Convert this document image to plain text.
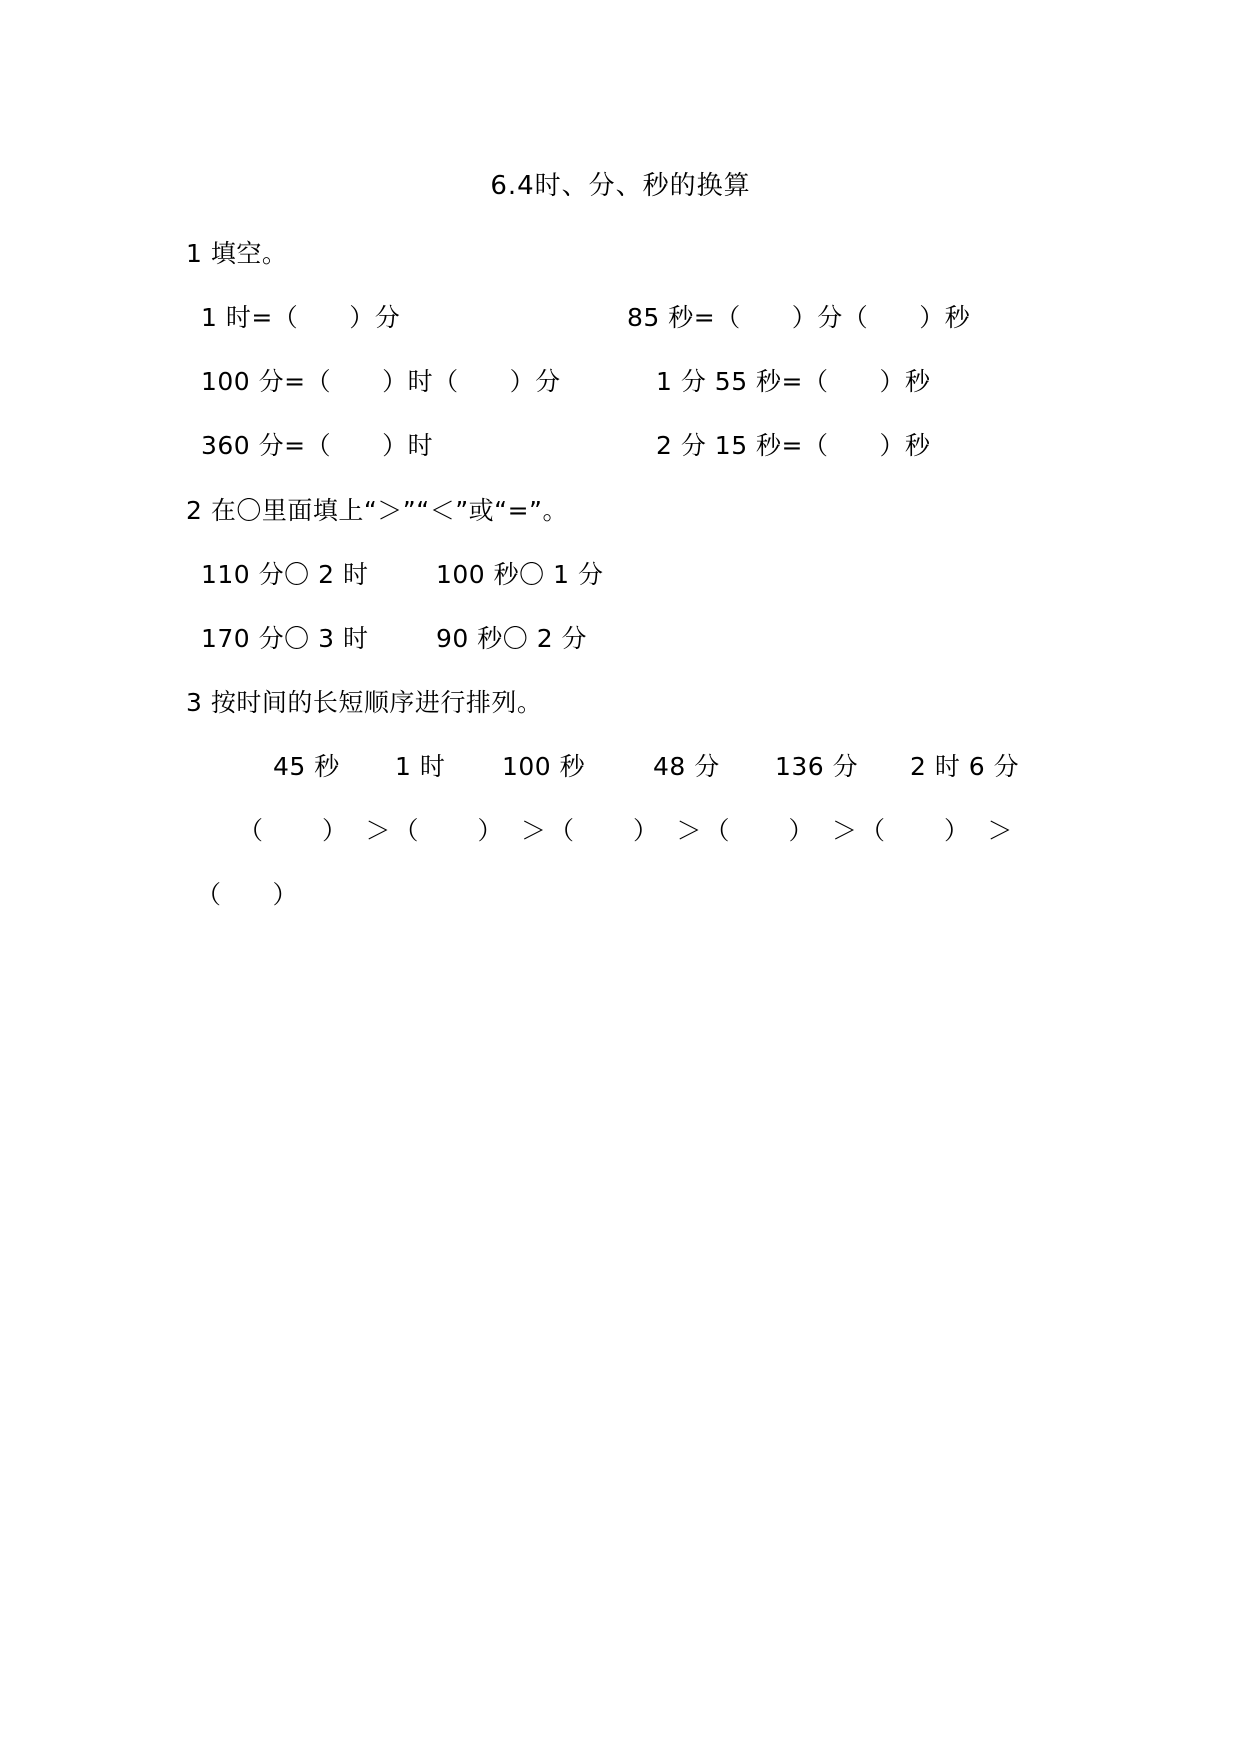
6.4时、分、秒的换算
1 填空。
1 时=（　　）分	85 秒=（　　）分（　　）秒
100 分=（　　）时（　　）分	1 分 55 秒=（　　）秒
360 分=（　　）时	2 分 15 秒=（　　）秒
2 在〇里面填上“＞”“＜”或“=”。
110 分〇 2 时	100 秒〇 1 分
170 分〇 3 时	90 秒〇 2 分
3 按时间的长短顺序进行排列。
45 秒 1 时 100 秒	48 分 136 分 2 时 6 分
（　　）　＞（　　）　＞（　　）　＞（　　）　＞（　　）　＞
（　　）
